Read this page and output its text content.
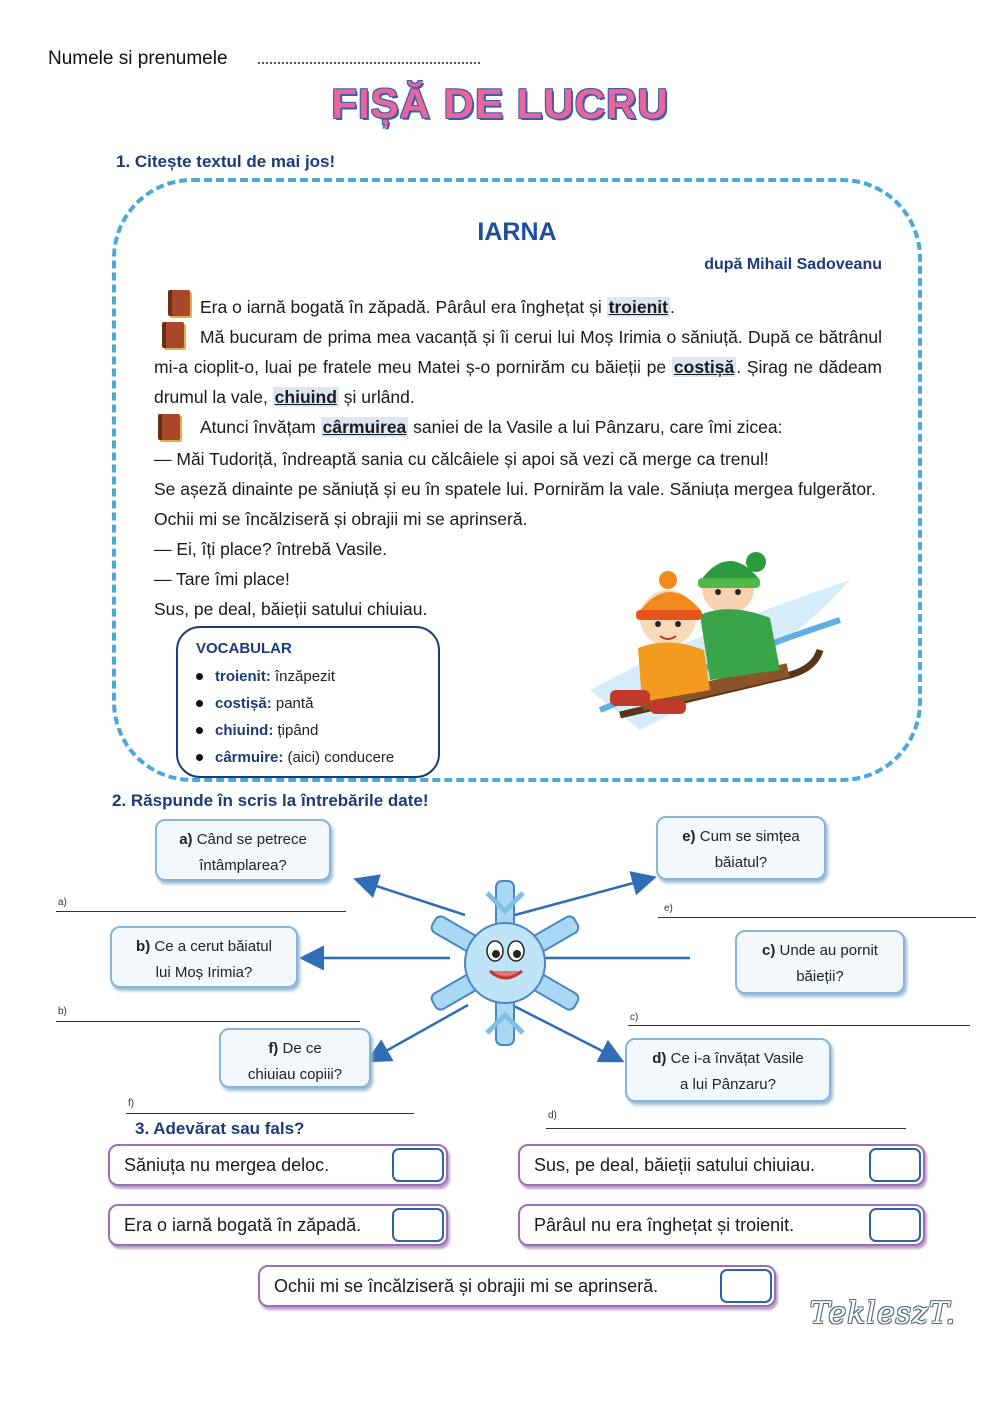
Numele si prenumele
FIȘĂ DE LUCRU
1. Citește textul de mai jos!
IARNA
după Mihail Sadoveanu
Era o iarnă bogată în zăpadă. Pârâul era înghețat și troienit .
Mă bucuram de prima mea vacanță și îi cerui lui Moș Irimia o săniuță. După ce bătrânul mi-a cioplit-o, luai pe fratele meu Matei ș-o pornirăm cu băieții pe costișă . Șirag ne dădeam drumul la vale, chiuind și urlând.
Atunci învățam cârmuirea saniei de la Vasile a lui Pânzaru, care îmi zicea:
— Măi Tudoriță, îndreaptă sania cu călcâiele și apoi să vezi că merge ca trenul!
Se așeză dinainte pe săniuță și eu în spatele lui. Pornirăm la vale. Săniuța mergea fulgerător. Ochii mi se încălziseră și obrajii mi se aprinseră.
— Ei, îți place? întrebă Vasile.
— Tare îmi place!
Sus, pe deal, băieții satului chiuiau.
VOCABULAR
troienit: înzăpezit
costișă: pantă
chiuind: țipând
cârmuire: (aici) conducere
2. Răspunde în scris la întrebările date!
a) Când se petrece
întâmplarea?
a)
e) Cum se simțea
băiatul?
e)
b) Ce a cerut băiatul
lui Moș Irimia?
b)
c) Unde au pornit
băieții?
c)
f) De ce
chiuiau copiii?
f)
d) Ce i-a învățat Vasile
a lui Pânzaru?
d)
3. Adevărat sau fals?
Săniuța nu mergea deloc.	Sus, pe deal, băieții satului chiuiau.
Era o iarnă bogată în zăpadă.	Pârâul nu era înghețat și troienit.
Ochii mi se încălziseră și obrajii mi se aprinseră.
TekleszT.
